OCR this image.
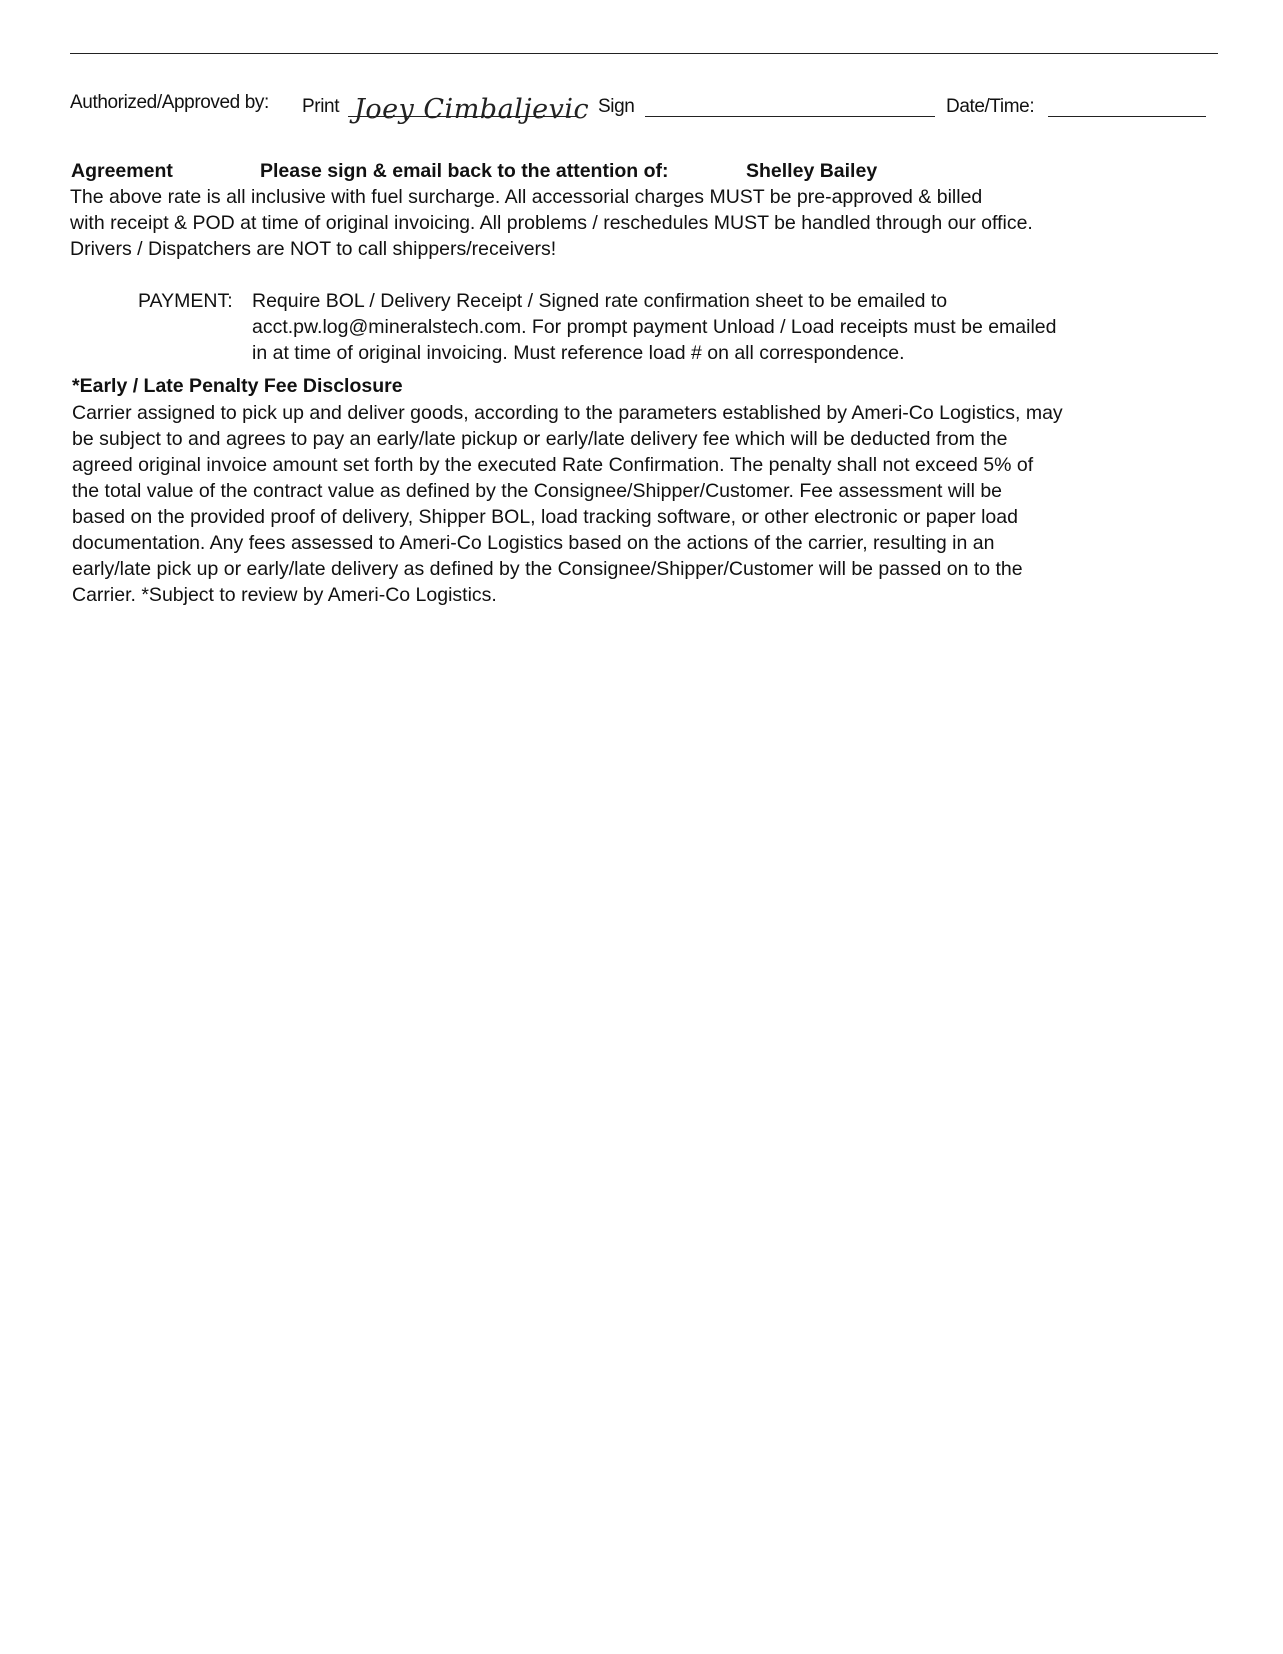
Authorized/Approved by: Print Joey Cimbaljevic Sign	Date/Time:
Agreement	Please sign & email back to the attention of:	Shelley Bailey
The above rate is all inclusive with fuel surcharge. All accessorial charges MUST be pre-approved & billed
with receipt & POD at time of original invoicing. All problems / reschedules MUST be handled through our office.
Drivers / Dispatchers are NOT to call shippers/receivers!
PAYMENT: Require BOL / Delivery Receipt / Signed rate confirmation sheet to be emailed to
acct.pw.log@mineralstech.com. For prompt payment Unload / Load receipts must be emailed
in at time of original invoicing. Must reference load # on all correspondence.
*Early / Late Penalty Fee Disclosure
Carrier assigned to pick up and deliver goods, according to the parameters established by Ameri-Co Logistics, may
be subject to and agrees to pay an early/late pickup or early/late delivery fee which will be deducted from the
agreed original invoice amount set forth by the executed Rate Confirmation. The penalty shall not exceed 5% of
the total value of the contract value as defined by the Consignee/Shipper/Customer. Fee assessment will be
based on the provided proof of delivery, Shipper BOL, load tracking software, or other electronic or paper load
documentation. Any fees assessed to Ameri-Co Logistics based on the actions of the carrier, resulting in an
early/late pick up or early/late delivery as defined by the Consignee/Shipper/Customer will be passed on to the
Carrier. *Subject to review by Ameri-Co Logistics.
